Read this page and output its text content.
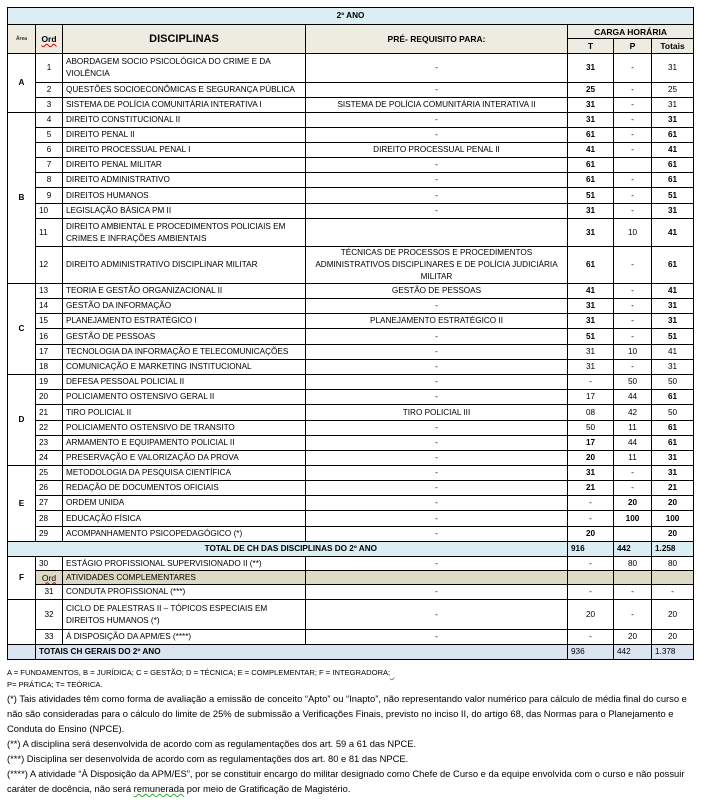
2º ANO						
Área	Ord	DISCIPLINAS	PRÉ- REQUISITO PARA:	CARGA HORÁRIA		
				T	P	Totais
A	1	ABORDAGEM SOCIO PSICOLÓGICA DO CRIME E DA VIOLÊNCIA	-	31	-	31
	2	QUESTÕES SOCIOECONÔMICAS E SEGURANÇA PÚBLICA	-	25	-	25
	3	SISTEMA DE POLÍCIA COMUNITÁRIA INTERATIVA I	SISTEMA DE POLÍCIA COMUNITÁRIA INTERATIVA II	31	-	31
B	4	DIREITO CONSTITUCIONAL II	-	31	-	31
	5	DIREITO PENAL II	-	61	-	61
	6	DIREITO PROCESSUAL PENAL I	DIREITO PROCESSUAL PENAL II	41	-	41
	7	DIREITO PENAL MILITAR	-	61		61
	8	DIREITO ADMINISTRATIVO	-	61	-	61
	9	DIREITOS HUMANOS	-	51	-	51
	10	LEGISLAÇÃO BÁSICA PM II	-	31	-	31
	11	DIREITO AMBIENTAL E PROCEDIMENTOS POLICIAIS EM CRIMES E INFRAÇÕES AMBIENTAIS		31	10	41
	12	DIREITO ADMINISTRATIVO DISCIPLINAR MILITAR	TÉCNICAS DE PROCESSOS E PROCEDIMENTOS ADMINISTRATIVOS DISCIPLINARES E DE POLÍCIA JUDICIÁRIA MILITAR	61	-	61
C	13	TEORIA E GESTÃO ORGANIZACIONAL II	GESTÃO DE PESSOAS	41	-	41
	14	GESTÃO DA INFORMAÇÃO	-	31	-	31
	15	PLANEJAMENTO ESTRATÉGICO I	PLANEJAMENTO ESTRATÉGICO II	31	-	31
	16	GESTÃO DE PESSOAS	-	51	-	51
	17	TECNOLOGIA DA INFORMAÇÃO E TELECOMUNICAÇÕES	-	31	10	41
	18	COMUNICAÇÃO E MARKETING INSTITUCIONAL	-	31	-	31
D	19	DEFESA PESSOAL POLICIAL II	-	-	50	50
	20	POLICIAMENTO OSTENSIVO GERAL II	-	17	44	61
	21	TIRO POLICIAL II	TIRO POLICIAL III	08	42	50
	22	POLICIAMENTO OSTENSIVO DE TRANSITO	-	50	11	61
	23	ARMAMENTO E EQUIPAMENTO POLICIAL II	-	17	44	61
	24	PRESERVAÇÃO E VALORIZAÇÃO DA PROVA	-	20	11	31
E	25	METODOLOGIA DA PESQUISA CIENTÍFICA	-	31	-	31
	26	REDAÇÃO DE DOCUMENTOS OFICIAIS	-	21	-	21
	27	ORDEM UNIDA	-	-	20	20
	28	EDUCAÇÃO FÍSICA	-	-	100	100
	29	ACOMPANHAMENTO PSICOPEDAGÓGICO (*)	-	20		20
TOTAL DE CH DAS DISCIPLINAS DO 2º ANO				916	442	1.258
F	30	ESTÁGIO PROFISSIONAL SUPERVISIONADO II (**)	-	-	80	80
	Ord	ATIVIDADES COMPLEMENTARES				
	31	CONDUTA PROFISSIONAL (***)	-	-	-	-
	32	CICLO DE PALESTRAS II – TÓPICOS ESPECIAIS EM DIREITOS HUMANOS (*)	-	20	-	20
	33	Á DISPOSIÇÃO DA APM/ES (****)	-	-	20	20
	TOTAIS CH GERAIS DO 2º ANO			936	442	1.378

A = FUNDAMENTOS, B = JURÍDICA; C = GESTÃO; D = TÉCNICA; E = COMPLEMENTAR; F = INTEGRADORA;

P= PRÁTICA; T= TEÓRICA.

(*) Tais atividades têm como forma de avaliação a emissão de conceito “Apto” ou “Inapto”, não representando valor numérico para cálculo de média final do curso e não são consideradas para o cálculo do limite de 25% de submissão a Verificações Finais, previsto no inciso II, do artigo 68, das Normas para o Planejamento e Conduta do Ensino (NPCE).

(**) A disciplina será desenvolvida de acordo com as regulamentações dos art. 59 a 61 das NPCE.

(***) Disciplina ser desenvolvida de acordo com as regulamentações dos art. 80 e 81 das NPCE.

(****) A atividade “À Disposição da APM/ES”, por se constituir encargo do militar designado como Chefe de Curso e da equipe envolvida com o curso e não possuir caráter de docência, não será remunerada por meio de Gratificação de Magistério.
